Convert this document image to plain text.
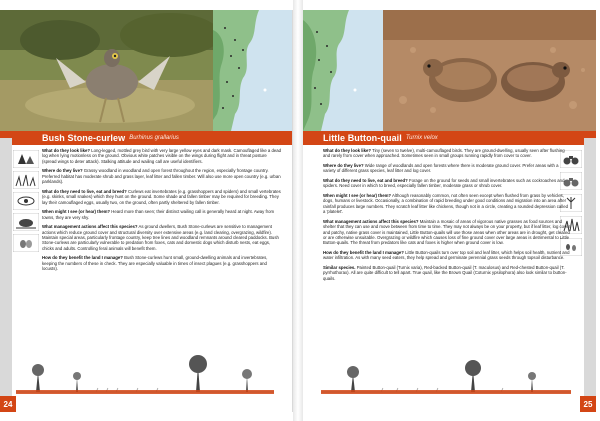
Bush Stone-curlew Burhinus grallarius
24

What do they look like? Long-legged, mottled grey bird with very large yellow eyes and dark mask. Camouflaged like a dead log when lying motionless on the ground. Obvious white patches visible on the wings during flight and in threat posture (spread wings to deter attack). Stalking attitude and wailing call are useful identifiers.

Where do they live? Grassy woodland in woodland and open forest throughout the region, especially frontage country. Preferred habitat has moderate shrub and grass layer, leaf litter and fallen timber. Will also use more open country (e.g. urban parklands).

What do they need to live, eat and breed? Curlews eat invertebrates (e.g. grasshoppers and spiders) and small vertebrates (e.g. skinks, small snakes) which they hunt on the ground. Some shade and fallen timber may be required for breeding. They lay their camouflaged eggs, usually two, on the ground, often partly sheltered by fallen timber.

When might I see (or hear) them? Heard more than seen; their distinct wailing call is generally heard at night. Away from towns, they are very shy.

What management actions affect this species? As ground dwellers, Bush Stone-curlews are sensitive to management actions which reduce ground cover and structural diversity over extensive areas (e.g. land clearing, overgrazing, wildfire). Maintain special areas, particularly frontage country, keep tree lines and woodland remnants around cleared paddocks. Bush Stone-curlews are particularly vulnerable to predation from foxes, cats and domestic dogs which disturb nests, eat eggs, chicks and adults. Controlling feral animals will benefit them.

How do they benefit the land I manage? Bush Stone-curlews hunt small, ground-dwelling animals and invertebrates, keeping the numbers of these in check. They are especially valuable in times of insect plagues (e.g. grasshoppers and locusts).

Little Button-quail Turnix velox
25

What do they look like? Tiny (seven to twelve), multi-camouflaged birds. They are ground-dwelling, usually seen after flushing and rarely from cover when approached. Sometimes seen in small groups running rapidly from cover to cover.

Where do they live? Wide range of woodlands and open forests where there is moderate ground cover. Prefer areas with a variety of different grass species, leaf litter and log cover.

What do they need to live, eat and breed? Forage on the ground for seeds and small invertebrates such as cockroaches and spiders. Need cover in which to breed, especially fallen timber, moderate grass or shrub cover.

When might I see (or hear) them? Although reasonably common, not often seen except when flushed from grass by vehicles, dogs, humans or livestock. Occasionally, a combination of rapid breeding under good conditions and migration into an area after rainfall produces large numbers. They scratch leaf litter like chickens, though not in a circle, creating a rounded depression called a 'platelet'.

What management actions affect this species? Maintain a mosaic of areas of vigorous native grasses as food sources and shelter that they can use and move between from time to time. They may not always be on your property, but if leaf litter, log cover and patchy, native grass cover is maintained, Little Button-quails will use those areas when other areas are in drought, get cleared or are otherwise unsuitable. Overgrazing or wildfire which causes loss of fine ground cover over large areas is detrimental to Little Button-quails. The threat from predators like cats and foxes is higher when ground cover is low.

How do they benefit the land I manage? Little Button-quails turn over top soil and leaf litter, which helps soil health, nutrient and water infiltration. As with many seed eaters, they help spread and germinate perennial grass seeds through topsoil disturbance.

Similar species. Painted Button-quail (Turnix varia), Red-backed Button-quail (T. maculosus) and Red-chested Button-quail (T. pyrrhothorax). All are quite difficult to tell apart. True quail, like the Brown Quail (Coturnix ypsilophora) also look similar to button-quails.
